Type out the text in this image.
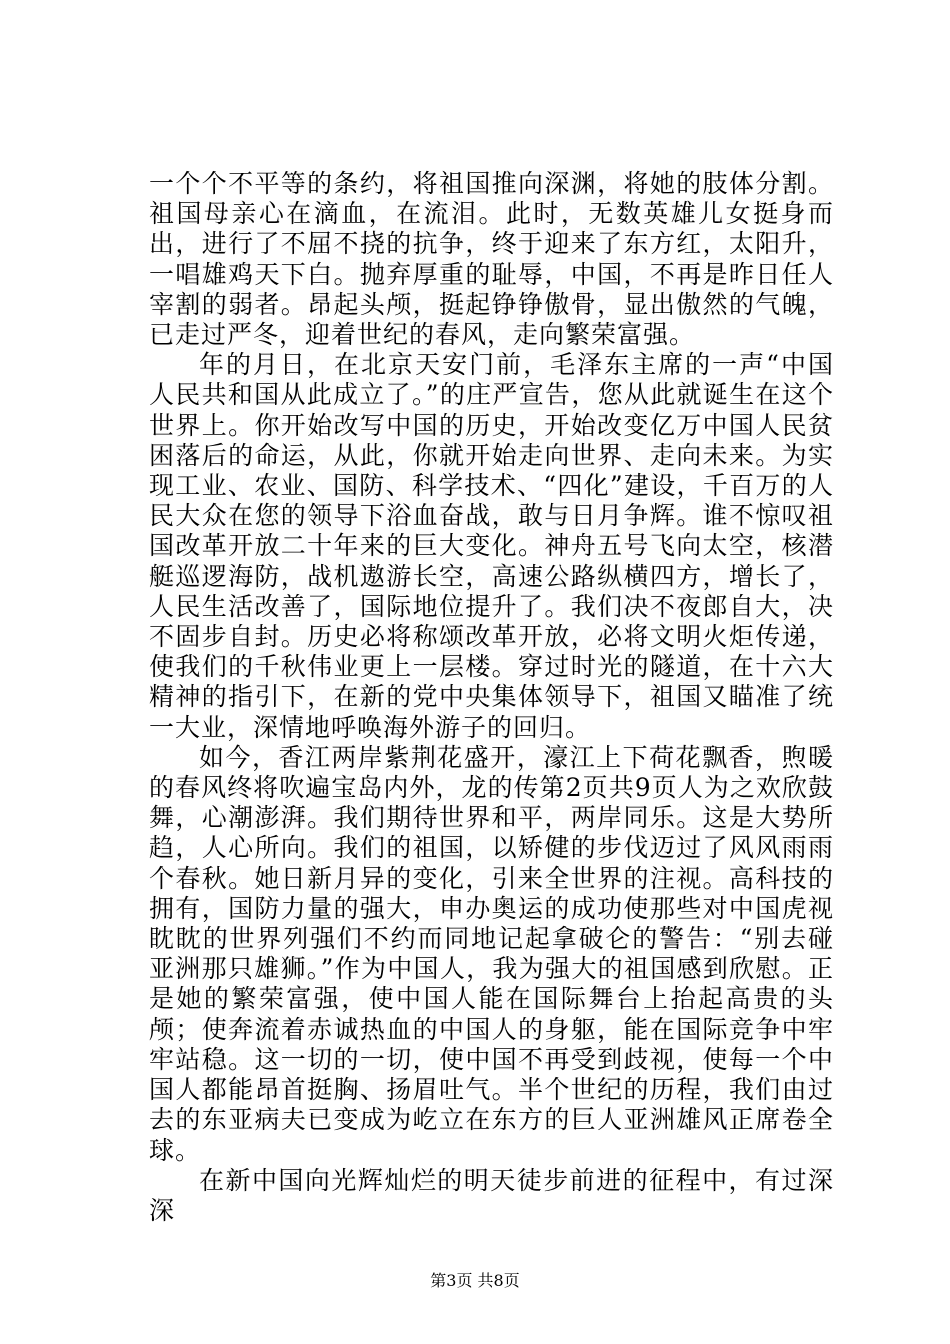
一个个不平等的条约，将祖国推向深渊，将她的肢体分割。祖国母亲心在滴血，在流泪。此时，无数英雄儿女挺身而出，进行了不屈不挠的抗争，终于迎来了东方红，太阳升，一唱雄鸡天下白。抛弃厚重的耻辱，中国，不再是昨日任人宰割的弱者。昂起头颅，挺起铮铮傲骨，显出傲然的气魄，已走过严冬，迎着世纪的春风，走向繁荣富强。

年的月日，在北京天安门前，毛泽东主席的一声“中国人民共和国从此成立了。”的庄严宣告，您从此就诞生在这个世界上。你开始改写中国的历史，开始改变亿万中国人民贫困落后的命运，从此，你就开始走向世界、走向未来。为实现工业、农业、国防、科学技术、“四化”建设，千百万的人民大众在您的领导下浴血奋战，敢与日月争辉。谁不惊叹祖国改革开放二十年来的巨大变化。神舟五号飞向太空，核潜艇巡逻海防，战机遨游长空，高速公路纵横四方，增长了，人民生活改善了，国际地位提升了。我们决不夜郎自大，决不固步自封。历史必将称颂改革开放，必将文明火炬传递，使我们的千秋伟业更上一层楼。穿过时光的隧道，在十六大精神的指引下，在新的党中央集体领导下，祖国又瞄准了统一大业，深情地呼唤海外游子的回归。

如今，香江两岸紫荆花盛开，濠江上下荷花飘香，煦暖的春风终将吹遍宝岛内外，龙的传第2页共9页人为之欢欣鼓舞，心潮澎湃。我们期待世界和平，两岸同乐。这是大势所趋，人心所向。我们的祖国，以矫健的步伐迈过了风风雨雨个春秋。她日新月异的变化，引来全世界的注视。高科技的拥有，国防力量的强大，申办奥运的成功使那些对中国虎视眈眈的世界列强们不约而同地记起拿破仑的警告：“别去碰亚洲那只雄狮。”作为中国人，我为强大的祖国感到欣慰。正是她的繁荣富强，使中国人能在国际舞台上抬起高贵的头颅；使奔流着赤诚热血的中国人的身躯，能在国际竞争中牢牢站稳。这一切的一切，使中国不再受到歧视，使每一个中国人都能昂首挺胸、扬眉吐气。半个世纪的历程，我们由过去的东亚病夫已变成为屹立在东方的巨人亚洲雄风正席卷全球。

在新中国向光辉灿烂的明天徒步前进的征程中，有过深深

第3页 共8页
